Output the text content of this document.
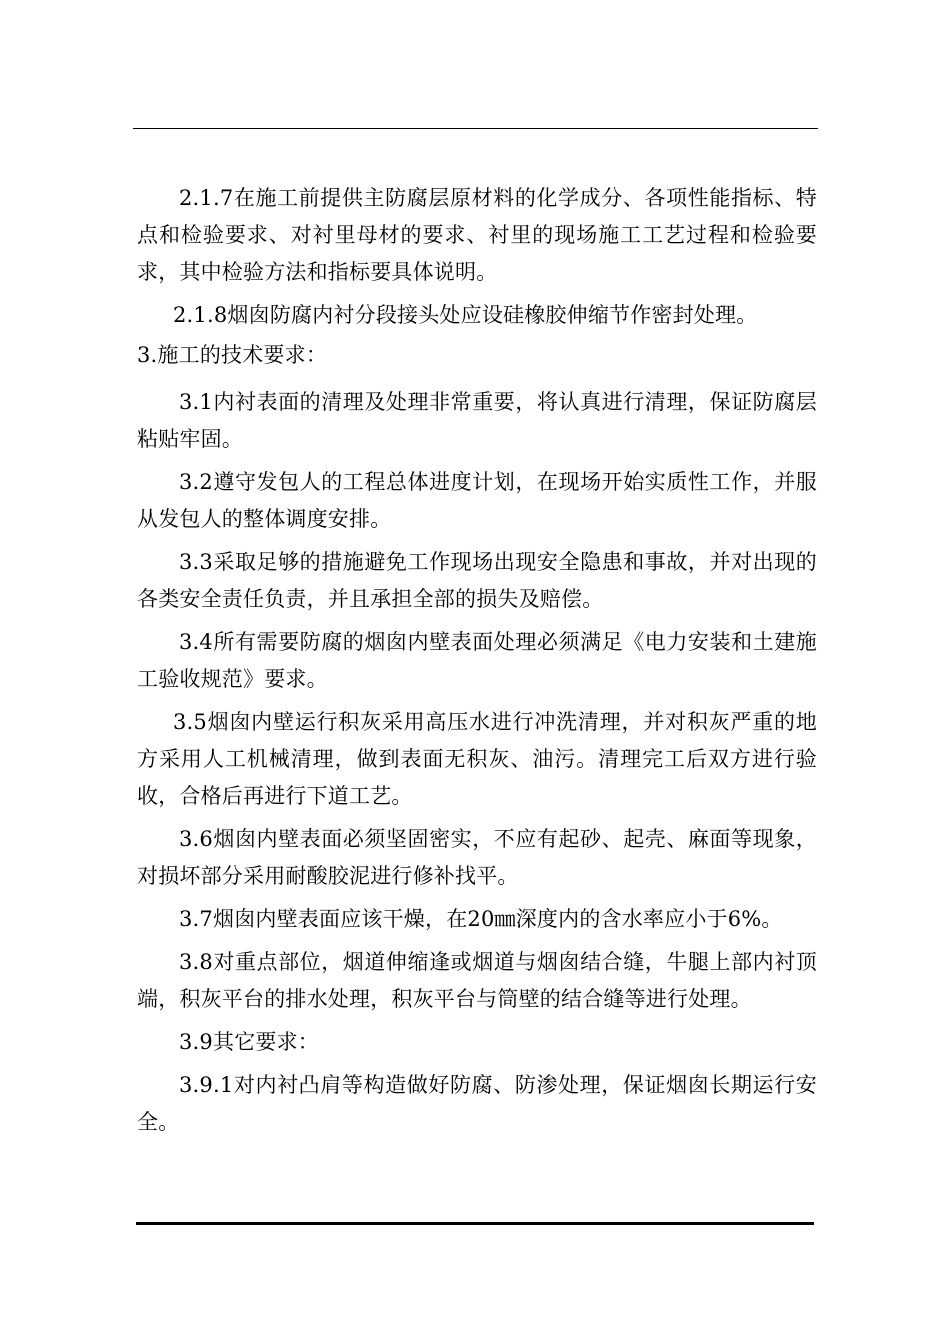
2.1.7在施工前提供主防腐层原材料的化学成分、各项性能指标、特点和检验要求、对衬里母材的要求、衬里的现场施工工艺过程和检验要求，其中检验方法和指标要具体说明。

2.1.8烟囱防腐内衬分段接头处应设硅橡胶伸缩节作密封处理。

3.施工的技术要求：

3.1内衬表面的清理及处理非常重要，将认真进行清理，保证防腐层粘贴牢固。

3.2遵守发包人的工程总体进度计划，在现场开始实质性工作，并服从发包人的整体调度安排。

3.3采取足够的措施避免工作现场出现安全隐患和事故，并对出现的各类安全责任负责，并且承担全部的损失及赔偿。

3.4所有需要防腐的烟囱内壁表面处理必须满足《电力安装和土建施工验收规范》要求。

3.5烟囱内壁运行积灰采用高压水进行冲洗清理，并对积灰严重的地方采用人工机械清理，做到表面无积灰、油污。清理完工后双方进行验收，合格后再进行下道工艺。

3.6烟囱内壁表面必须坚固密实，不应有起砂、起壳、麻面等现象，对损坏部分采用耐酸胶泥进行修补找平。

3.7烟囱内壁表面应该干燥，在20㎜深度内的含水率应小于6%。

3.8对重点部位，烟道伸缩逢或烟道与烟囱结合缝，牛腿上部内衬顶端，积灰平台的排水处理，积灰平台与筒壁的结合缝等进行处理。

3.9其它要求：

3.9.1对内衬凸肩等构造做好防腐、防渗处理，保证烟囱长期运行安全。
